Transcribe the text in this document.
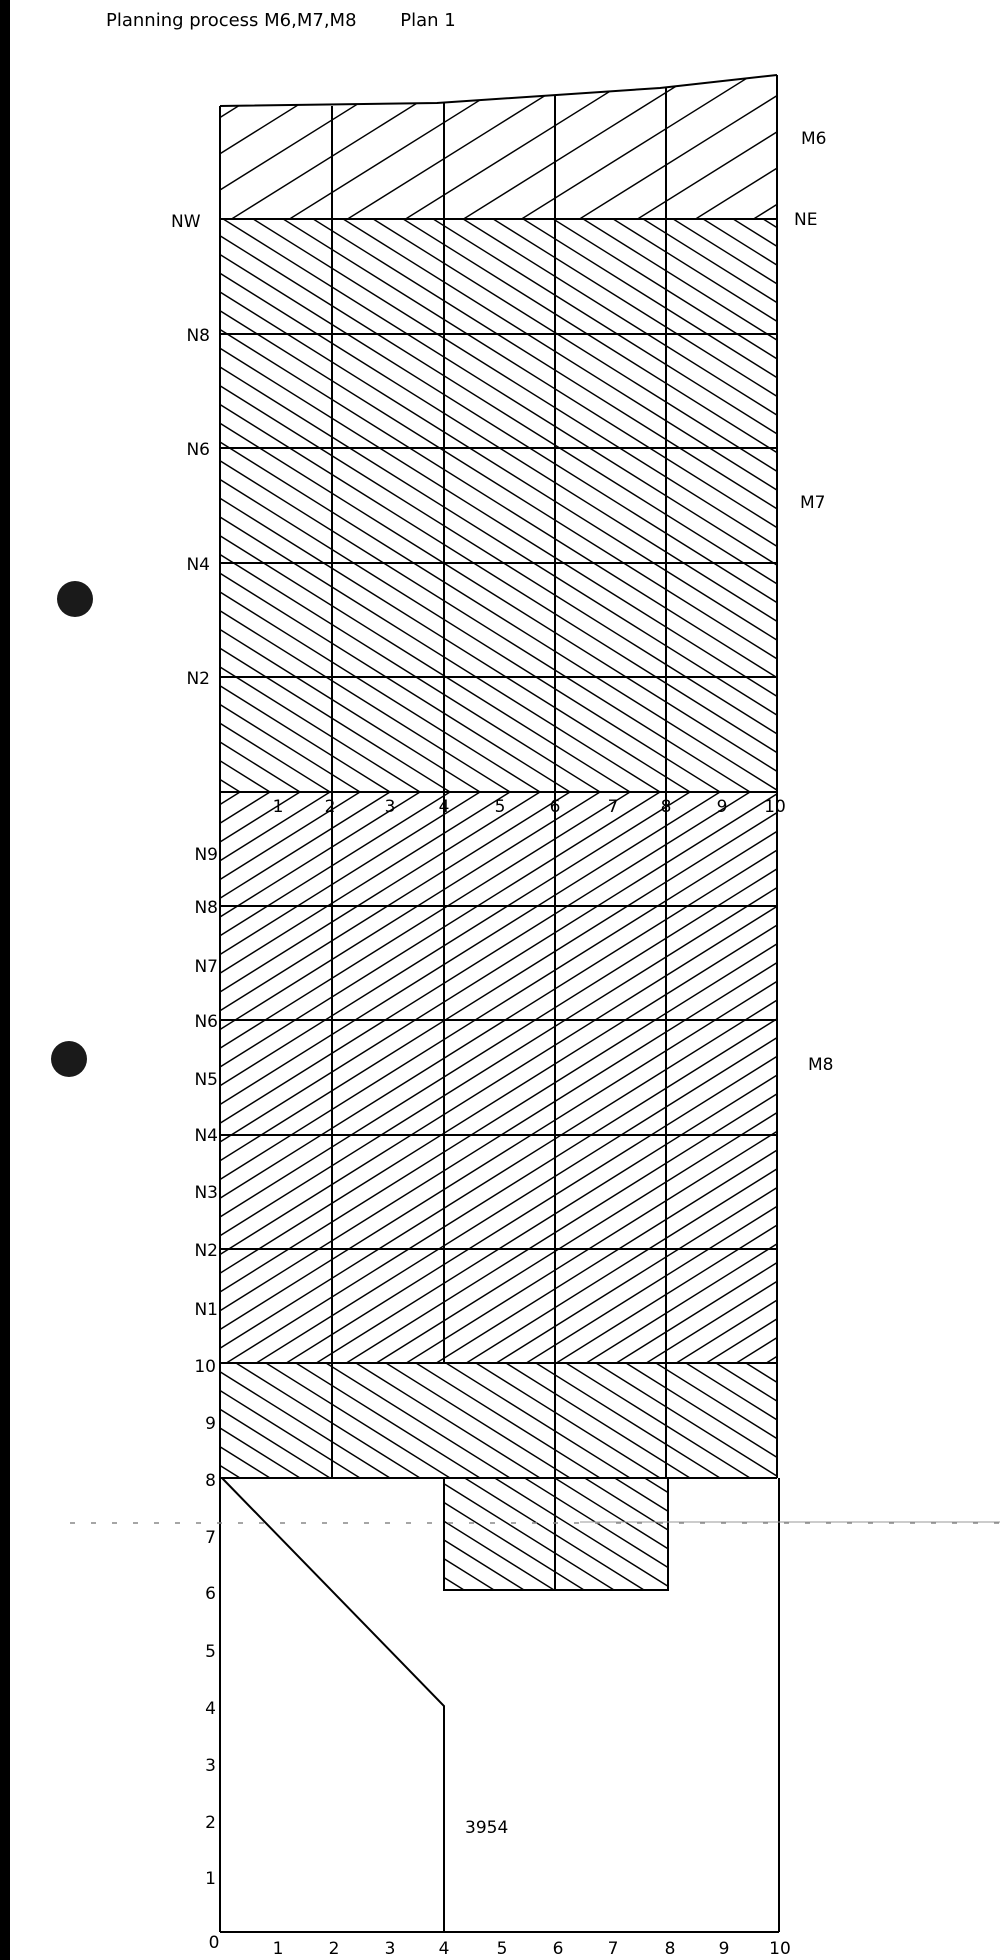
Planning process M6,M7,M8 Plan 1
M6
M7
M8
NW	NE
N8
N6
N4
N2
1 2	3	4	5	6	7 8	9 10
N9
N8
N7
N6
N5
N4
N3
N2
N1
10
9
8
7
6
5
4
3
2
1
0	1	2	3	4	5	6	7	8	9 10
3954
